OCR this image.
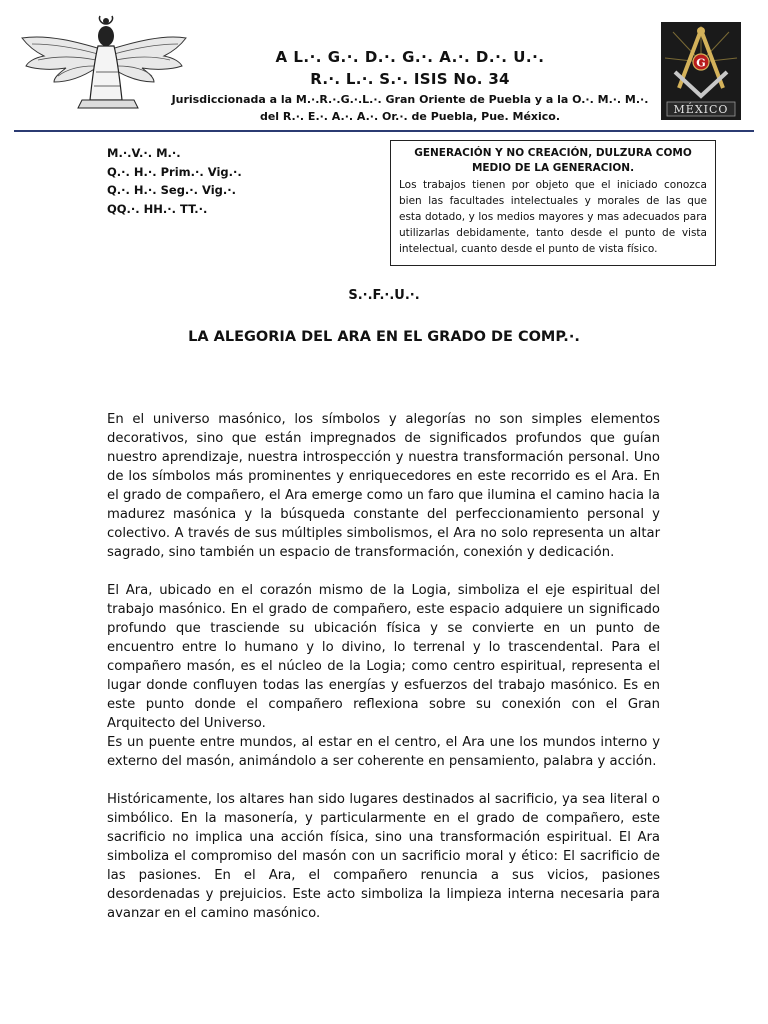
G
MÉXICO
A L.·. G.·. D.·. G.·. A.·. D.·. U.·.
R.·. L.·. S.·. ISIS No. 34
Jurisdiccionada a la M.·.R.·.G.·.L.·. Gran Oriente de Puebla y a la O.·. M.·. M.·.
del R.·. E.·. A.·. A.·. Or.·. de Puebla, Pue. México.
M.·.V.·. M.·.
Q.·. H.·. Prim.·. Vig.·.
Q.·. H.·. Seg.·. Vig.·.
QQ.·. HH.·. TT.·.
GENERACIÓN Y NO CREACIÓN, DULZURA COMO MEDIO DE LA GENERACION.
Los trabajos tienen por objeto que el iniciado conozca bien las facultades intelectuales y morales de las que esta dotado, y los medios mayores y mas adecuados para utilizarlas debidamente, tanto desde el punto de vista intelectual, cuanto desde el punto de vista físico.
S.·.F.·.U.·.
LA ALEGORIA DEL ARA EN EL GRADO DE COMP.·.

En el universo masónico, los símbolos y alegorías no son simples elementos decorativos, sino que están impregnados de significados profundos que guían nuestro aprendizaje, nuestra introspección y nuestra transformación personal. Uno de los símbolos más prominentes y enriquecedores en este recorrido es el Ara. En el grado de compañero, el Ara emerge como un faro que ilumina el camino hacia la madurez masónica y la búsqueda constante del perfeccionamiento personal y colectivo. A través de sus múltiples simbolismos, el Ara no solo representa un altar sagrado, sino también un espacio de transformación, conexión y dedicación.

El Ara, ubicado en el corazón mismo de la Logia, simboliza el eje espiritual del trabajo masónico. En el grado de compañero, este espacio adquiere un significado profundo que trasciende su ubicación física y se convierte en un punto de encuentro entre lo humano y lo divino, lo terrenal y lo trascendental. Para el compañero masón, es el núcleo de la Logia; como centro espiritual, representa el lugar donde confluyen todas las energías y esfuerzos del trabajo masónico. Es en este punto donde el compañero reflexiona sobre su conexión con el Gran Arquitecto del Universo.

Es un puente entre mundos, al estar en el centro, el Ara une los mundos interno y externo del masón, animándolo a ser coherente en pensamiento, palabra y acción.

Históricamente, los altares han sido lugares destinados al sacrificio, ya sea literal o simbólico. En la masonería, y particularmente en el grado de compañero, este sacrificio no implica una acción física, sino una transformación espiritual. El Ara simboliza el compromiso del masón con un sacrificio moral y ético: El sacrificio de las pasiones. En el Ara, el compañero renuncia a sus vicios, pasiones desordenadas y prejuicios. Este acto simboliza la limpieza interna necesaria para avanzar en el camino masónico.
